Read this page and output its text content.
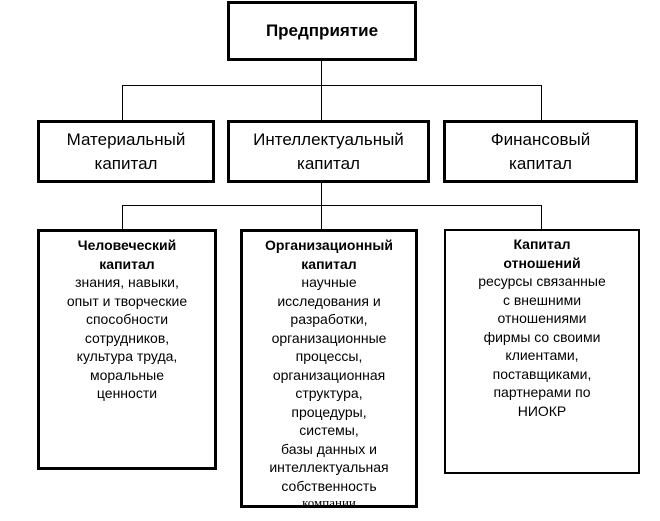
Предприятие
Материальный
капитал
Интеллектуальный
капитал
Финансовый
капитал
Человеческий
капитал
знания, навыки,
опыт и творческие
способности
сотрудников,
культура труда,
моральные
ценности
Организационный
капитал
научные
исследования и
разработки,
организационные
процессы,
организационная
структура,
процедуры,
системы,
базы данных и
интеллектуальная
собственность
компании
Капитал
отношений
ресурсы связанные
с внешними
отношениями
фирмы со своими
клиентами,
поставщиками,
партнерами по
НИОКР
